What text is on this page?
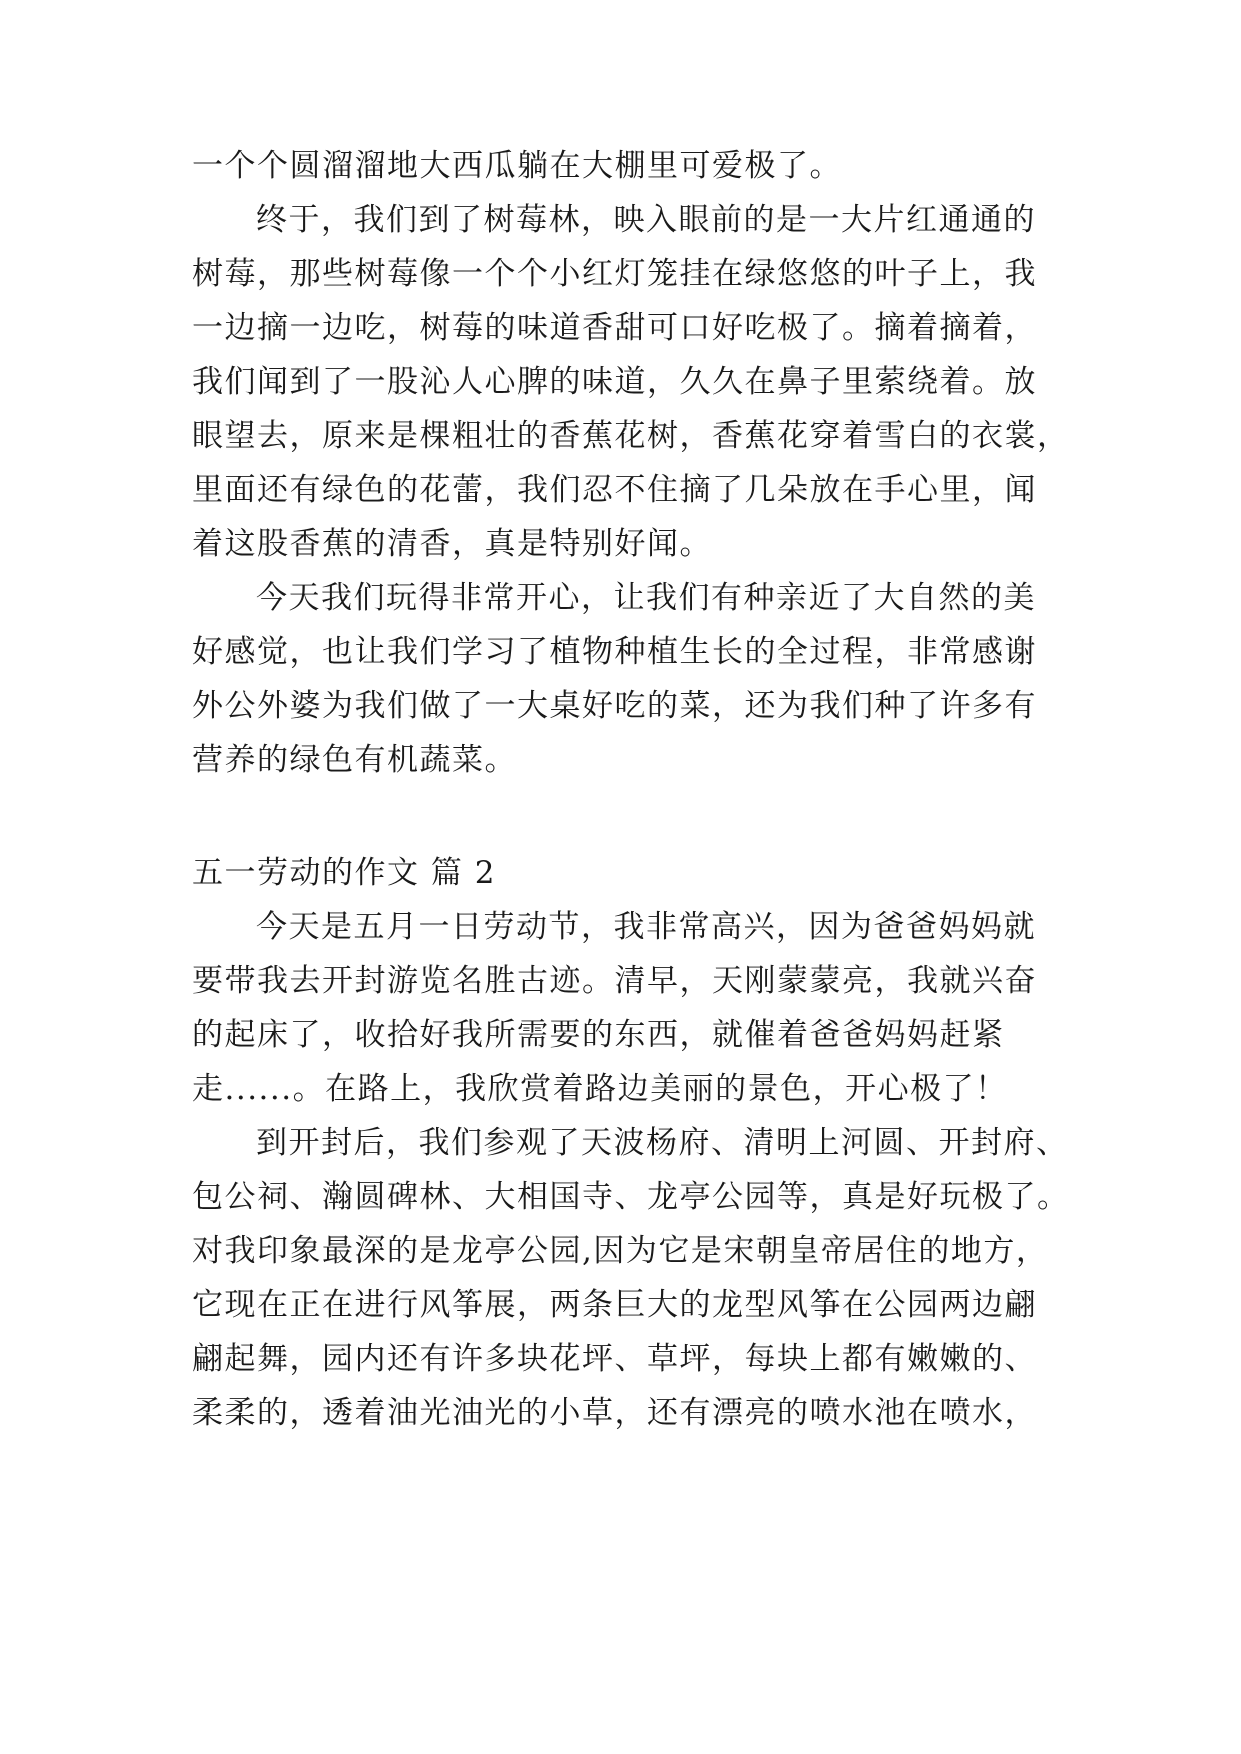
一个个圆溜溜地大西瓜躺在大棚里可爱极了。
终于，我们到了树莓林，映入眼前的是一大片红通通的
树莓，那些树莓像一个个小红灯笼挂在绿悠悠的叶子上，我
一边摘一边吃，树莓的味道香甜可口好吃极了。摘着摘着，
我们闻到了一股沁人心脾的味道，久久在鼻子里萦绕着。放
眼望去，原来是棵粗壮的香蕉花树，香蕉花穿着雪白的衣裳，
里面还有绿色的花蕾，我们忍不住摘了几朵放在手心里，闻
着这股香蕉的清香，真是特别好闻。
今天我们玩得非常开心，让我们有种亲近了大自然的美
好感觉，也让我们学习了植物种植生长的全过程，非常感谢
外公外婆为我们做了一大桌好吃的菜，还为我们种了许多有
营养的绿色有机蔬菜。
五一劳动的作文 篇 2
今天是五月一日劳动节，我非常高兴，因为爸爸妈妈就
要带我去开封游览名胜古迹。清早，天刚蒙蒙亮，我就兴奋
的起床了，收拾好我所需要的东西，就催着爸爸妈妈赶紧
走......。在路上，我欣赏着路边美丽的景色，开心极了！
到开封后，我们参观了天波杨府、清明上河圆、开封府、
包公祠、瀚圆碑林、大相国寺、龙亭公园等，真是好玩极了。
对我印象最深的是龙亭公园,因为它是宋朝皇帝居住的地方，
它现在正在进行风筝展，两条巨大的龙型风筝在公园两边翩
翩起舞，园内还有许多块花坪、草坪，每块上都有嫩嫩的、
柔柔的，透着油光油光的小草，还有漂亮的喷水池在喷水，
